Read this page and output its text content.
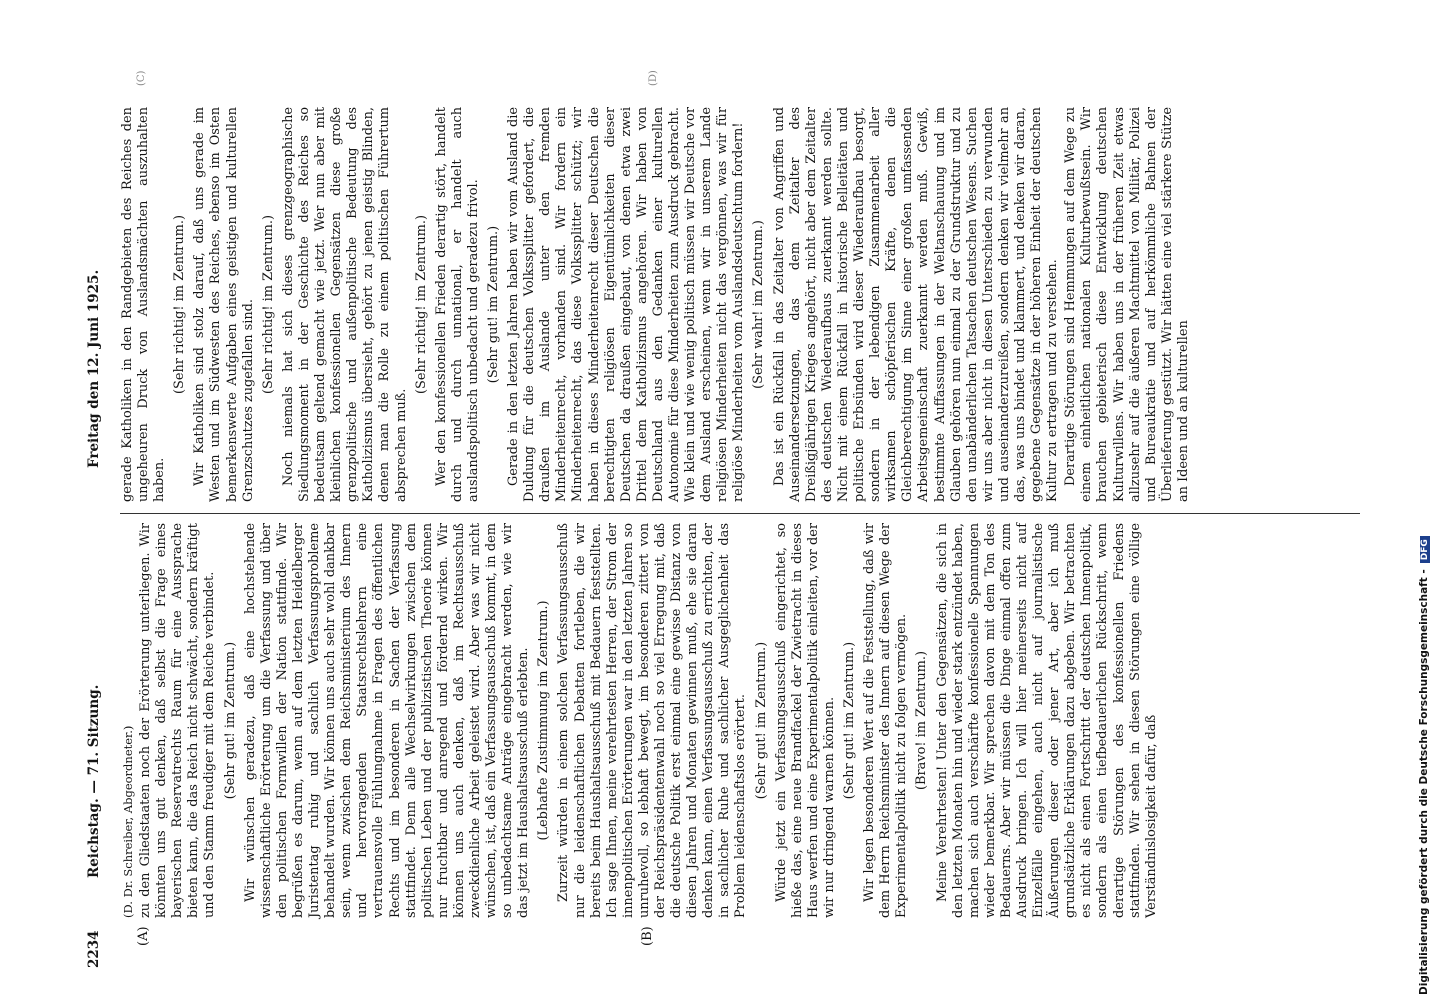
2234
Reichstag. — 71. Sitzung.
Freitag den 12. Juni 1925.
(A)	(B)
(C)	(D)

(D. Dr. Schreiber, Abgeordneter.) zu den Gliedstaaten noch der Erörterung unterliegen. Wir könnten uns gut denken, daß selbst die Frage eines bayerischen Reservatrechts Raum für eine Aussprache bieten kann, die das Reich nicht schwächt, sondern kräftigt und den Stamm freudiger mit dem Reiche verbindet. (Sehr gut! im Zentrum.) Wir wünschen geradezu, daß eine hochstehende wissenschaftliche Erörterung um die Verfassung und über den politischen Formwillen der Nation stattfinde. Wir begrüßen es darum, wenn auf dem letzten Heidelberger Juristentag ruhig und sachlich Verfassungsprobleme behandelt wurden. Wir können uns auch sehr wohl dankbar sein, wenn zwischen dem Reichsministerium des Innern und hervorragenden Staatsrechtslehrern eine vertrauensvolle Fühlungnahme in Fragen des öffentlichen Rechts und im besonderen in Sachen der Verfassung stattfindet. Denn alle Wechselwirkungen zwischen dem politischen Leben und der publizistischen Theorie können nur fruchtbar und anregend und fördernd wirken. Wir können uns auch denken, daß im Rechtsausschuß zweckdienliche Arbeit geleistet wird. Aber was wir nicht wünschen, ist, daß ein Verfassungsausschuß kommt, in dem so unbedachtsame Anträge eingebracht werden, wie wir das jetzt im Haushaltsausschuß erlebten. (Lebhafte Zustimmung im Zentrum.) Zurzeit würden in einem solchen Verfassungsausschuß nur die leidenschaftlichen Debatten fortleben, die wir bereits beim Haushaltsausschuß mit Bedauern feststellten. Ich sage Ihnen, meine verehrtesten Herren, der Strom der innenpolitischen Erörterungen war in den letzten Jahren so unruhevoll, so lebhaft bewegt, im besonderen zittert von der Reichspräsidentenwahl noch so viel Erregung mit, daß die deutsche Politik erst einmal eine gewisse Distanz von diesen Jahren und Monaten gewinnen muß, ehe sie daran denken kann, einen Verfassungsausschuß zu errichten, der in sachlicher Ruhe und sachlicher Ausgeglichenheit das Problem leidenschaftslos erörtert. (Sehr gut! im Zentrum.) Würde jetzt ein Verfassungsausschuß eingerichtet, so hieße das, eine neue Brandfackel der Zwietracht in dieses Haus werfen und eine Experimentalpolitik einleiten, vor der wir nur dringend warnen können. (Sehr gut! im Zentrum.) Wir legen besonderen Wert auf die Feststellung, daß wir dem Herrn Reichsminister des Innern auf diesen Wege der Experimentalpolitik nicht zu folgen vermögen. (Bravo! im Zentrum.) Meine Verehrtesten! Unter den Gegensätzen, die sich in den letzten Monaten hin und wieder stark entzündet haben, machen sich auch verschärfte konfessionelle Spannungen wieder bemerkbar. Wir sprechen davon mit dem Ton des Bedauerns. Aber wir müssen die Dinge einmal offen zum Ausdruck bringen. Ich will hier meinerseits nicht auf Einzelfälle eingehen, auch nicht auf journalistische Äußerungen dieser oder jener Art, aber ich muß grundsätzliche Erklärungen dazu abgeben. Wir betrachten es nicht als einen Fortschritt der deutschen Innenpolitik, sondern als einen tiefbedauerlichen Rückschritt, wenn derartige Störungen des konfessionellen Friedens stattfinden. Wir sehen in diesen Störungen eine völlige Verständnislosigkeit dafür, daß

gerade Katholiken in den Randgebieten des Reiches den ungeheuren Druck von Auslandsmächten auszuhalten haben.

(Sehr richtig! im Zentrum.) Wir Katholiken sind stolz darauf, daß uns gerade im Westen und im Südwesten des Reiches, ebenso im Osten bemerkenswerte Aufgaben eines geistigen und kulturellen Grenzschutzes zugefallen sind. (Sehr richtig! im Zentrum.) Noch niemals hat sich dieses grenzgeographische Siedlungsmoment in der Geschichte des Reiches so bedeutsam geltend gemacht wie jetzt. Wer nun aber mit kleinlichen konfessionellen Gegensätzen diese große grenzpolitische und außenpolitische Bedeutung des Katholizismus übersieht, gehört zu jenen geistig Blinden, denen man die Rolle zu einem politischen Führertum absprechen muß.

(Sehr richtig! im Zentrum.) Wer den konfessionellen Frieden derartig stört, handelt durch und durch unnational, er handelt auch auslandspolitisch unbedacht und geradezu frivol. (Sehr gut! im Zentrum.) Gerade in den letzten Jahren haben wir vom Ausland die Duldung für die deutschen Volkssplitter gefordert, die draußen im Auslande unter den fremden Minderheitenrecht, vorhanden sind. Wir fordern ein Minderheitenrecht, das diese Volkssplitter schützt; wir haben in dieses Minderheitenrecht dieser Deutschen die berechtigten religiösen Eigentümlichkeiten dieser Deutschen da draußen eingebaut, von denen etwa zwei Drittel dem Katholizismus angehören. Wir haben von Deutschland aus den Gedanken einer kulturellen Autonomie für diese Minderheiten zum Ausdruck gebracht. Wie klein und wie wenig politisch müssen wir Deutsche vor dem Ausland erscheinen, wenn wir in unserem Lande religiösen Minderheiten nicht das vergönnen, was wir für religiöse Minderheiten vom Auslandsdeutschtum fordern! (Sehr wahr! im Zentrum.) Das ist ein Rückfall in das Zeitalter von Angriffen und Auseinandersetzungen, das dem Zeitalter des Dreißigjährigen Krieges angehört, nicht aber dem Zeitalter des deutschen Wiederaufbaus zuerkannt werden sollte. Nicht mit einem Rückfall in historische Belleitäten und politische Erbsünden wird dieser Wiederaufbau besorgt, sondern in der lebendigen Zusammenarbeit aller wirksamen schöpferischen Kräfte, denen die Gleichberechtigung im Sinne einer großen umfassenden Arbeitsgemeinschaft zuerkannt werden muß. Gewiß, bestimmte Auffassungen in der Weltanschauung und im Glauben gehören nun einmal zu der Grundstruktur und zu den unabänderlichen Tatsachen deutschen Wesens. Suchen wir uns aber nicht in diesen Unterschieden zu verwunden und auseinanderzureißen, sondern denken wir vielmehr an das, was uns bindet und klammert, und denken wir daran, gegebene Gegensätze in der höheren Einheit der deutschen Kultur zu ertragen und zu verstehen. Derartige Störungen sind Hemmungen auf dem Wege zu einem einheitlichen nationalen Kulturbewußtsein. Wir brauchen gebieterisch diese Entwicklung deutschen Kulturwillens. Wir haben uns in der früheren Zeit etwas allzusehr auf die äußeren Machtmittel von Militär, Polizei und Bureaukratie und auf herkömmliche Bahnen der Überlieferung gestützt. Wir hätten eine viel stärkere Stütze an Ideen und an kulturellen

Digitalisierung gefördert durch die Deutsche Forschungsgemeinschaft -DFG
